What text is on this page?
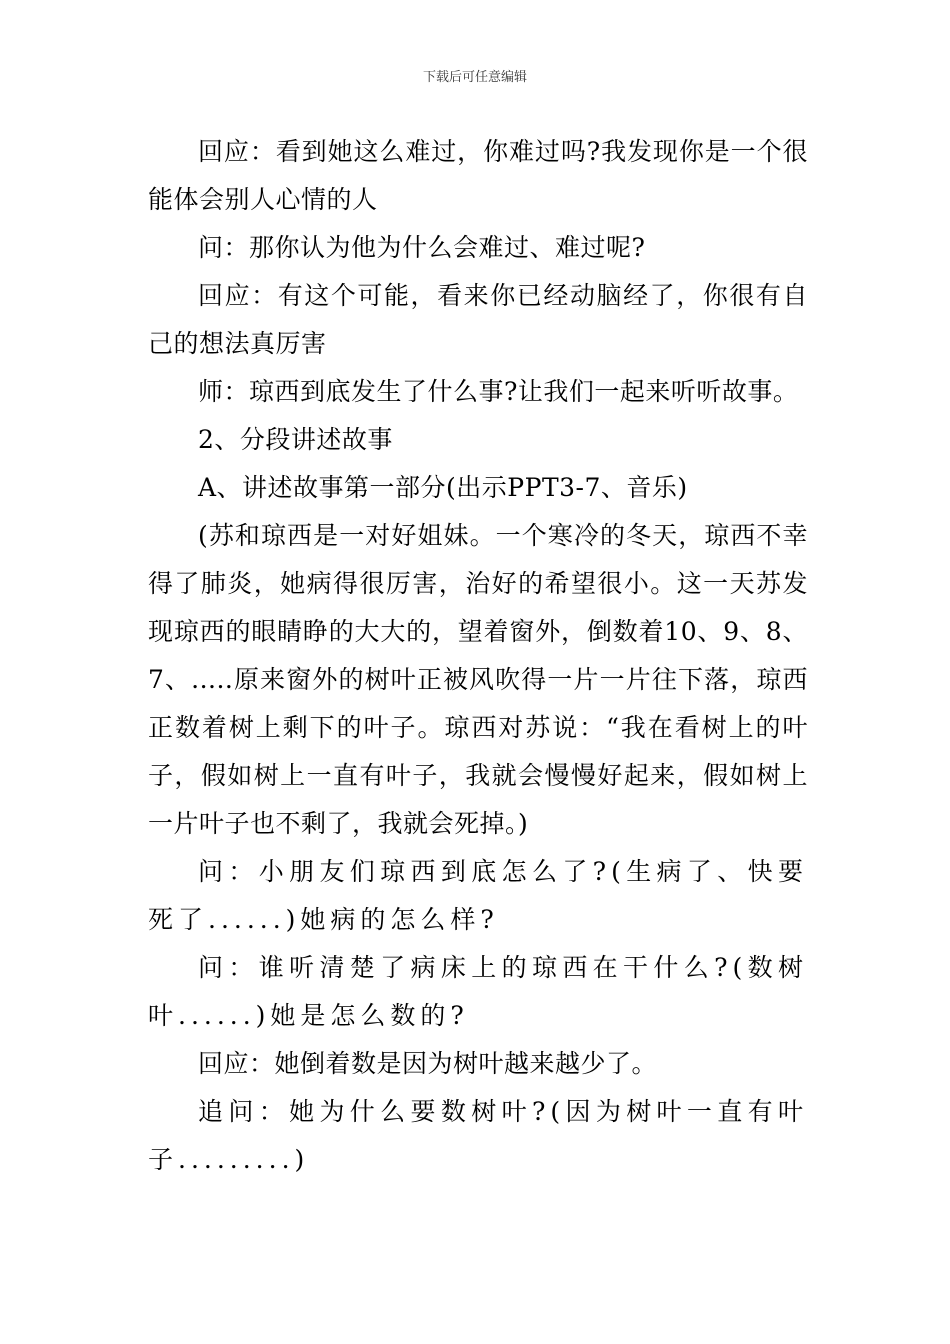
下载后可任意编辑

回应：看到她这么难过，你难过吗?我发现你是一个很能体会别人心情的人

问：那你认为他为什么会难过、难过呢?

回应：有这个可能，看来你已经动脑经了，你很有自己的想法真厉害

师：琼西到底发生了什么事?让我们一起来听听故事。

2、分段讲述故事

A、讲述故事第一部分(出示PPT3-7、音乐)

(苏和琼西是一对好姐妹。一个寒冷的冬天，琼西不幸得了肺炎，她病得很厉害，治好的希望很小。这一天苏发现琼西的眼睛睁的大大的，望着窗外，倒数着10、9、8、7、.....原来窗外的树叶正被风吹得一片一片往下落，琼西正数着树上剩下的叶子。琼西对苏说：“我在看树上的叶子，假如树上一直有叶子，我就会慢慢好起来，假如树上一片叶子也不剩了，我就会死掉。)

问：小朋友们琼西到底怎么了?(生病了、快要死了......)她病的怎么样?

问：谁听清楚了病床上的琼西在干什么?(数树叶......)她是怎么数的?

回应：她倒着数是因为树叶越来越少了。

追问：她为什么要数树叶?(因为树叶一直有叶子.........)
